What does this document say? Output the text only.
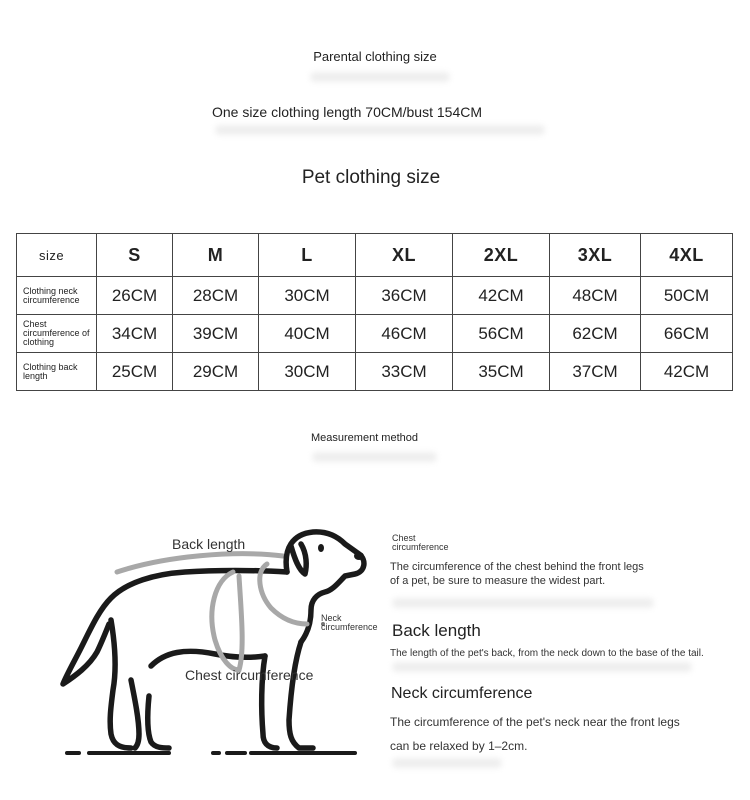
Parental clothing size
One size clothing length 70CM/bust 154CM
Pet clothing size
size	S	M	L	XL	2XL	3XL	4XL
Clothing neck circumference	26CM	28CM	30CM	36CM	42CM	48CM	50CM
Chest circumference of clothing	34CM	39CM	40CM	46CM	56CM	62CM	66CM
Clothing back length	25CM	29CM	30CM	33CM	35CM	37CM	42CM
Measurement method
Back length
Chest circumference
Neck circumference
Chest circumference
The circumference of the chest behind the front legs of a pet, be sure to measure the widest part.
Back length
The length of the pet's back, from the neck down to the base of the tail.
Neck circumference
The circumference of the pet's neck near the front legs can be relaxed by 1–2cm.
